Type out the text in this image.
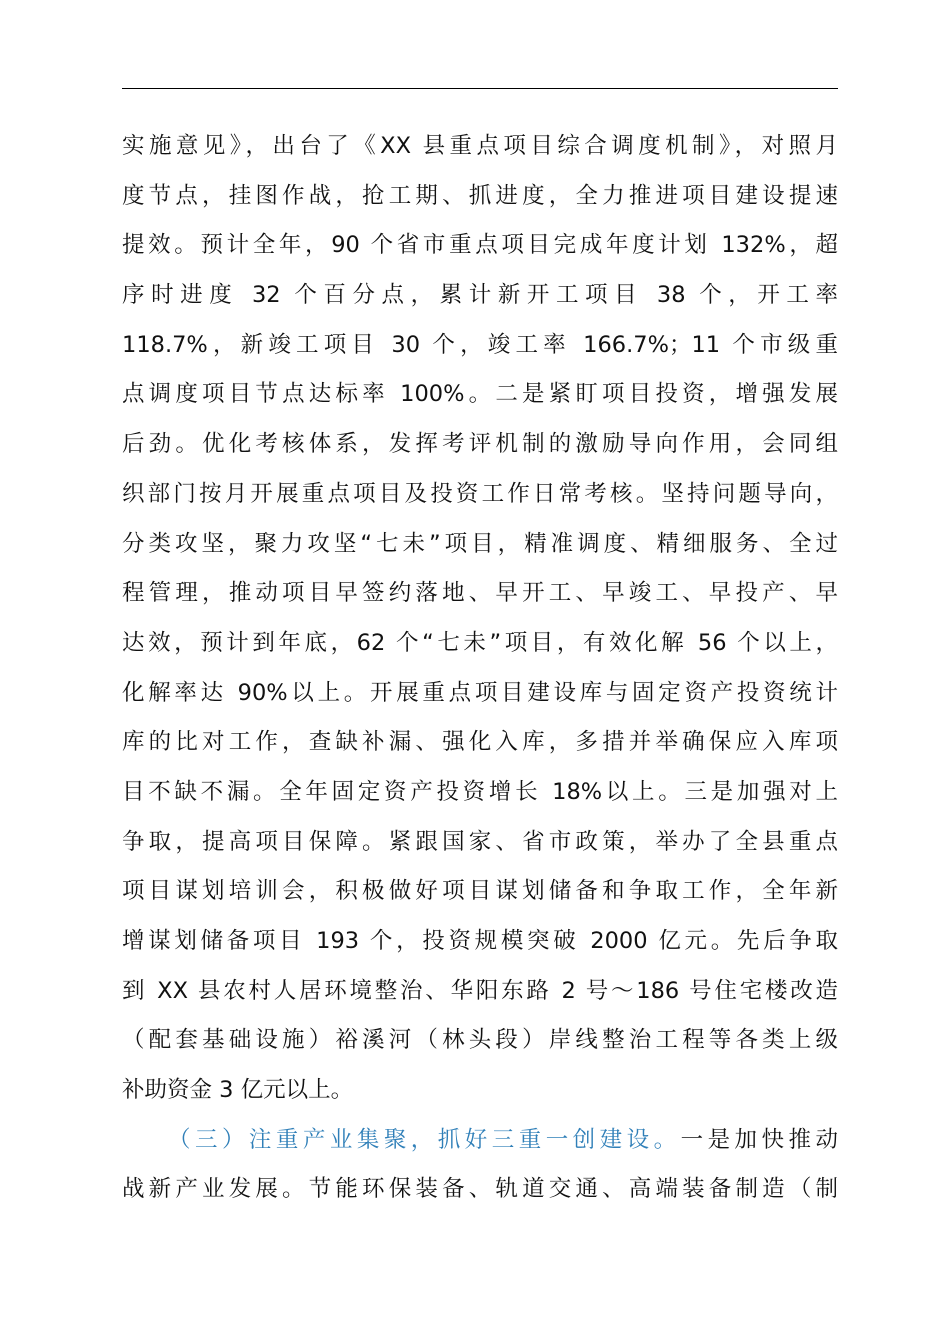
实施意见》，出台了《XX 县重点项目综合调度机制》，对照月
度节点，挂图作战，抢工期、抓进度，全力推进项目建设提速
提效。预计全年，90 个省市重点项目完成年度计划 132%，超
序时进度 32 个百分点，累计新开工项目 38 个，开工率
118.7%，新竣工项目 30 个，竣工率 166.7%；11 个市级重
点调度项目节点达标率 100%。二是紧盯项目投资，增强发展
后劲。优化考核体系，发挥考评机制的激励导向作用，会同组
织部门按月开展重点项目及投资工作日常考核。坚持问题导向，
分类攻坚，聚力攻坚“七未”项目，精准调度、精细服务、全过
程管理，推动项目早签约落地、早开工、早竣工、早投产、早
达效，预计到年底，62 个“七未”项目，有效化解 56 个以上，
化解率达 90%以上。开展重点项目建设库与固定资产投资统计
库的比对工作，查缺补漏、强化入库，多措并举确保应入库项
目不缺不漏。全年固定资产投资增长 18%以上。三是加强对上
争取，提高项目保障。紧跟国家、省市政策，举办了全县重点
项目谋划培训会，积极做好项目谋划储备和争取工作，全年新
增谋划储备项目 193 个，投资规模突破 2000 亿元。先后争取
到 XX 县农村人居环境整治、华阳东路 2 号～186 号住宅楼改造
（配套基础设施）裕溪河（林头段）岸线整治工程等各类上级
补助资金 3 亿元以上。
（三）注重产业集聚，抓好三重一创建设。一是加快推动
战新产业发展。节能环保装备、轨道交通、高端装备制造（制
